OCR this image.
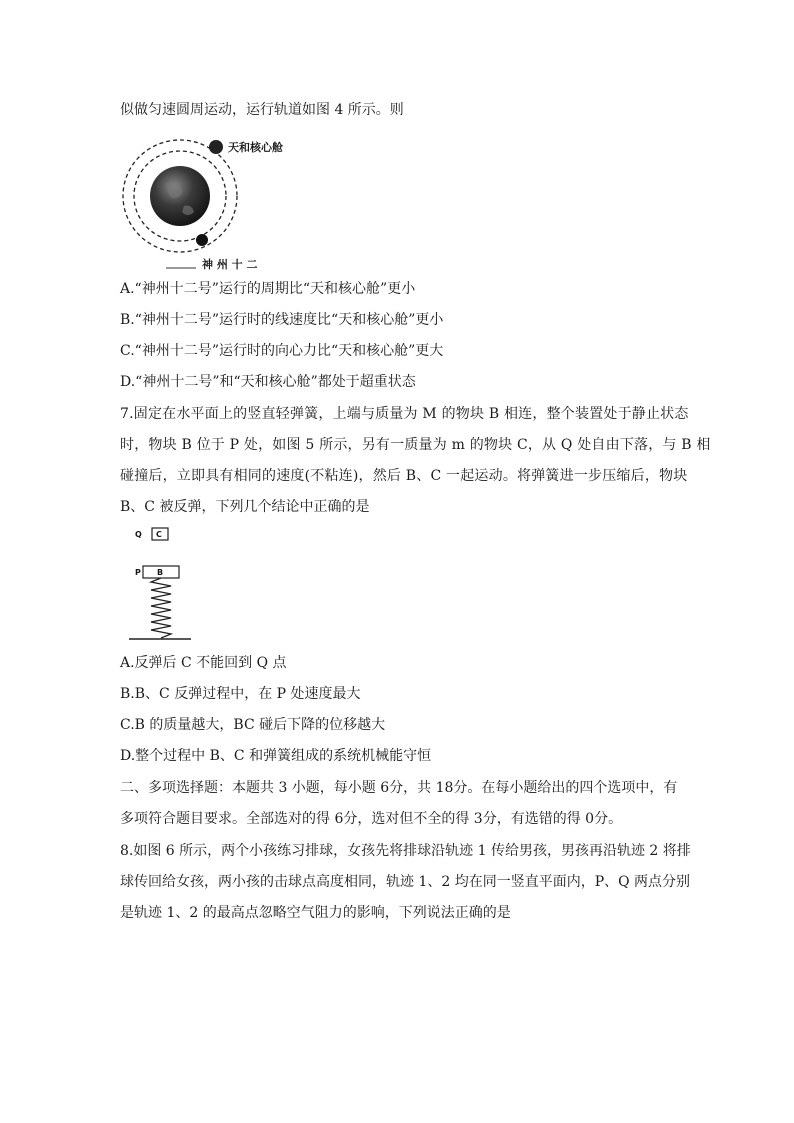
似做匀速圆周运动，运行轨道如图 4 所示。则
天和核心舱
神 州 十 二
A.“神州十二号”运行的周期比“天和核心舱”更小
B.“神州十二号”运行时的线速度比“天和核心舱”更小
C.“神州十二号”运行时的向心力比“天和核心舱”更大
D.“神州十二号”和“天和核心舱”都处于超重状态
7.固定在水平面上的竖直轻弹簧，上端与质量为 M 的物块 B 相连，整个装置处于静止状态
时，物块 B 位于 P 处，如图 5 所示，另有一质量为 m 的物块 C，从 Q 处自由下落，与 B 相
碰撞后，立即具有相同的速度(不粘连)，然后 B、C 一起运动。将弹簧进一步压缩后，物块
B、C 被反弹，下列几个结论中正确的是
Q C
P B
A.反弹后 C 不能回到 Q 点
B.B、C 反弹过程中，在 P 处速度最大
C.B 的质量越大，BC 碰后下降的位移越大
D.整个过程中 B、C 和弹簧组成的系统机械能守恒
二、多项选择题：本题共 3 小题，每小题 6分，共 18分。在每小题给出的四个选项中，有
多项符合题目要求。全部选对的得 6分，选对但不全的得 3分，有选错的得 0分。
8.如图 6 所示，两个小孩练习排球，女孩先将排球沿轨迹 1 传给男孩，男孩再沿轨迹 2 将排
球传回给女孩，两小孩的击球点高度相同，轨迹 1、2 均在同一竖直平面内，P、Q 两点分别
是轨迹 1、2 的最高点忽略空气阻力的影响，下列说法正确的是
